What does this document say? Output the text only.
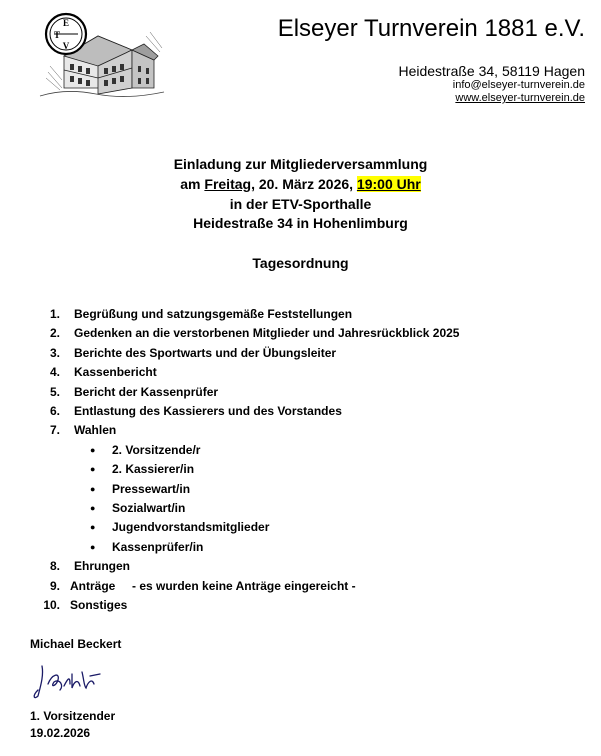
E
T
V
Elseyer Turnverein 1881 e.V.
Heidestraße 34, 58119 Hagen
info@elseyer-turnverein.de
www.elseyer-turnverein.de
Einladung zur Mitgliederversammlung
am Freitag, 20. März 2026, 19:00 Uhr
in der ETV-Sporthalle
Heidestraße 34 in Hohenlimburg
Tagesordnung
1. Begrüßung und satzungsgemäße Feststellungen
2. Gedenken an die verstorbenen Mitglieder und Jahresrückblick 2025
3. Berichte des Sportwarts und der Übungsleiter
4. Kassenbericht
5. Bericht der Kassenprüfer
6. Entlastung des Kassierers und des Vorstandes
7. Wahlen
● 2. Vorsitzende/r
● 2. Kassierer/in
● Pressewart/in
● Sozialwart/in
● Jugendvorstandsmitglieder
● Kassenprüfer/in
8. Ehrungen
9. Anträge     - es wurden keine Anträge eingereicht -
10. Sonstiges
Michael Beckert
1. Vorsitzender
19.02.2026
